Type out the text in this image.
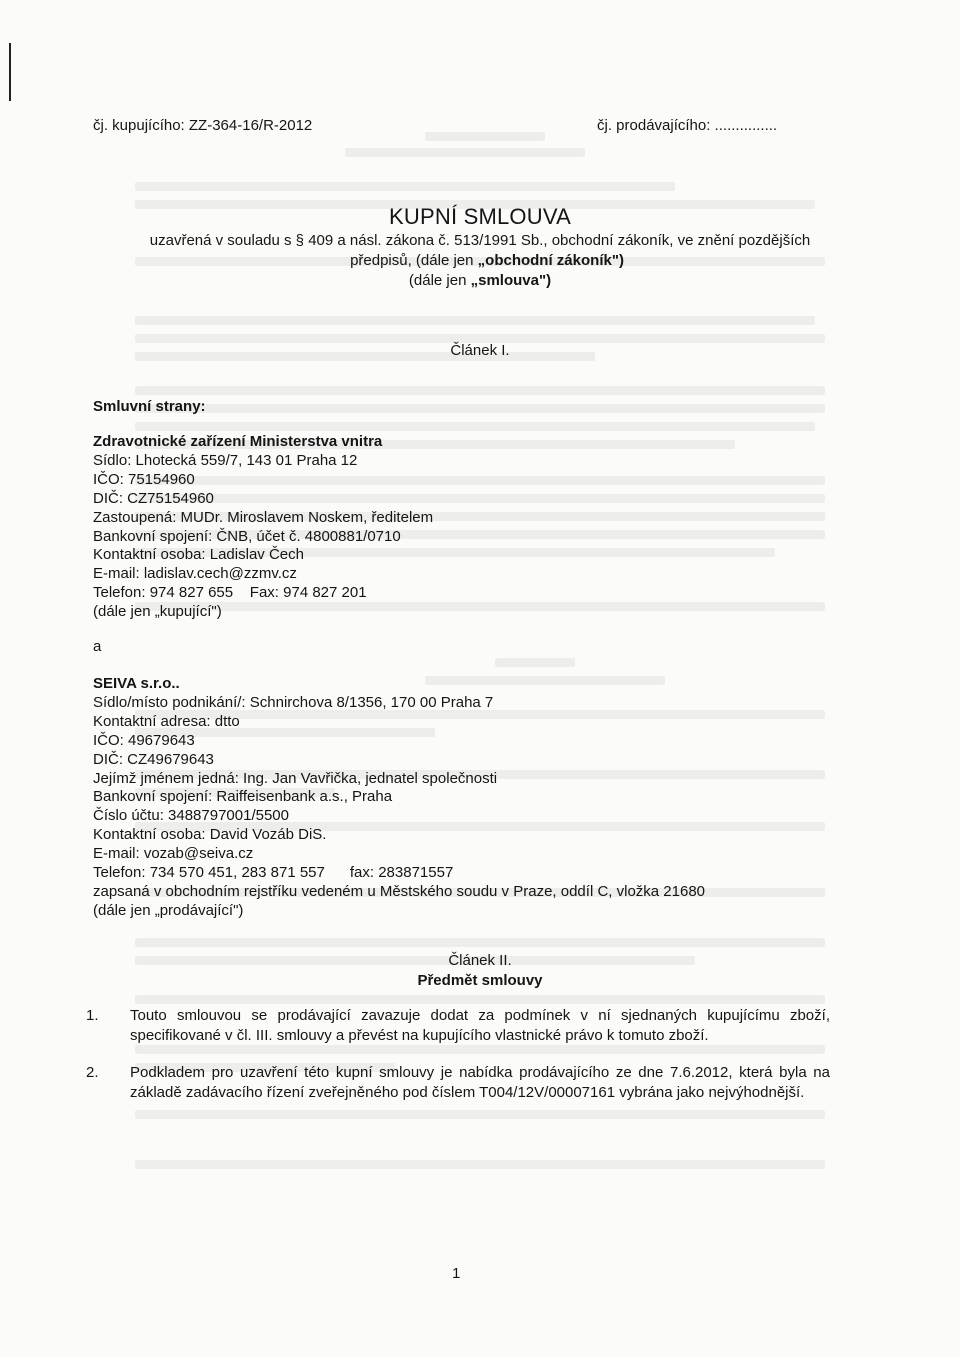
čj. kupujícího: ZZ-364-16/R-2012	čj. prodávajícího: ...............
KUPNÍ SMLOUVA
uzavřená v souladu s § 409 a násl. zákona č. 513/1991 Sb., obchodní zákoník, ve znění pozdějších
předpisů, (dále jen „obchodní zákoník")
(dále jen „smlouva")
Článek I.
Smluvní strany:
Zdravotnické zařízení Ministerstva vnitra
Sídlo: Lhotecká 559/7, 143 01 Praha 12
IČO: 75154960
DIČ: CZ75154960
Zastoupená: MUDr. Miroslavem Noskem, ředitelem
Bankovní spojení: ČNB, účet č. 4800881/0710
Kontaktní osoba: Ladislav Čech
E-mail: ladislav.cech@zzmv.cz
Telefon: 974 827 655    Fax: 974 827 201
(dále jen „kupující")
a
SEIVA s.r.o..
Sídlo/místo podnikání/: Schnirchova 8/1356, 170 00 Praha 7
Kontaktní adresa: dtto
IČO: 49679643
DIČ: CZ49679643
Jejímž jménem jedná: Ing. Jan Vavřička, jednatel společnosti
Bankovní spojení: Raiffeisenbank a.s., Praha
Číslo účtu: 3488797001/5500
Kontaktní osoba: David Vozáb DiS.
E-mail: vozab@seiva.cz
Telefon: 734 570 451, 283 871 557      fax: 283871557
zapsaná v obchodním rejstříku vedeném u Městského soudu v Praze, oddíl C, vložka 21680
(dále jen „prodávající")
Článek II.
Předmět smlouvy
1. Touto smlouvou se prodávající zavazuje dodat za podmínek v ní sjednaných kupujícímu zboží, specifikované v čl. III. smlouvy a převést na kupujícího vlastnické právo k tomuto zboží.
2. Podkladem pro uzavření této kupní smlouvy je nabídka prodávajícího ze dne 7.6.2012, která byla na základě zadávacího řízení zveřejněného pod číslem T004/12V/00007161 vybrána jako nejvýhodnější.
1
